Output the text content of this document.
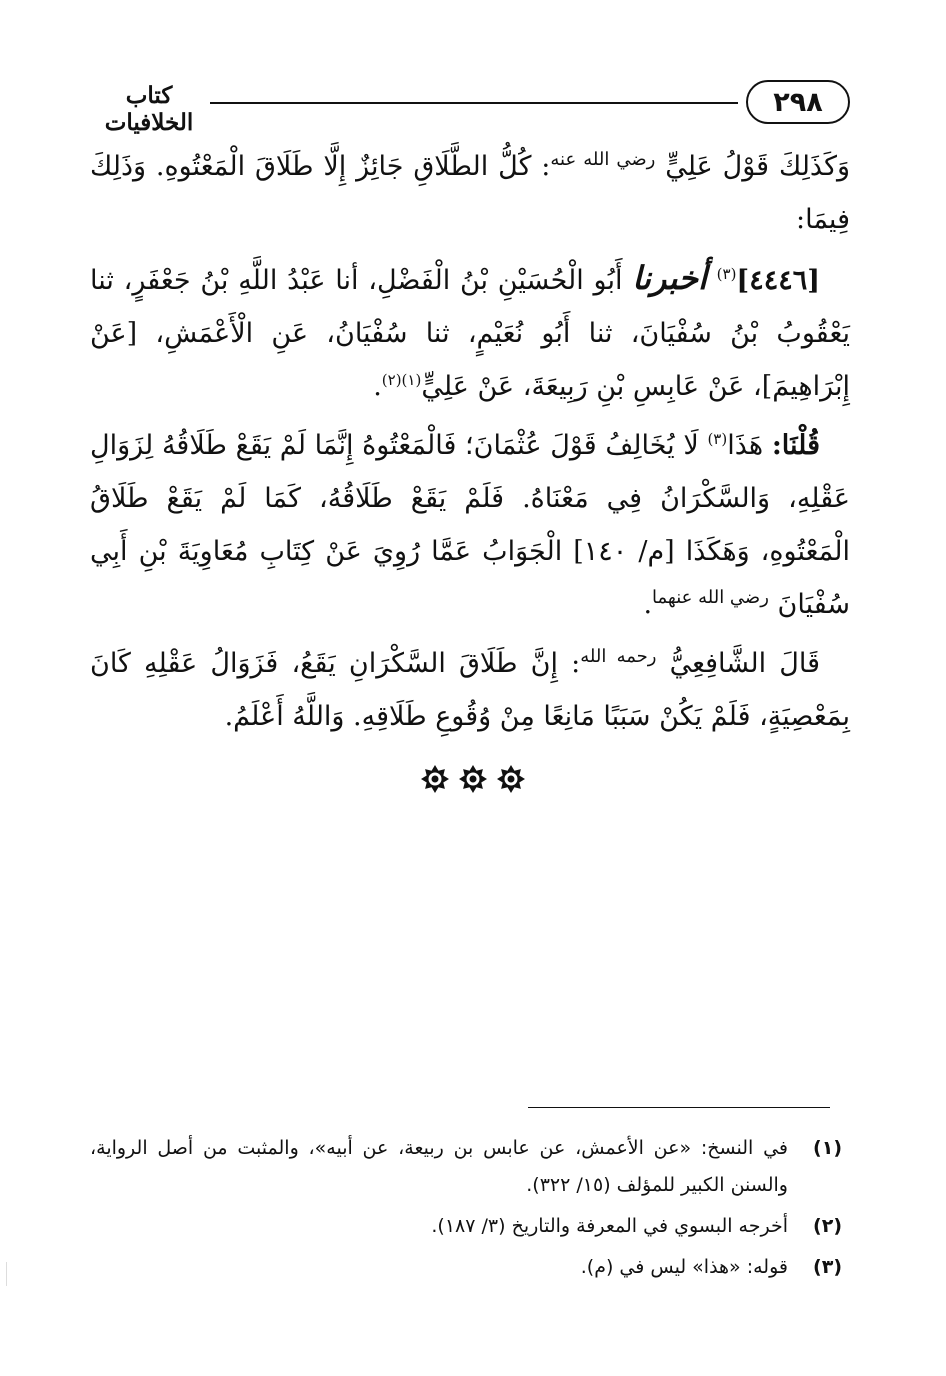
٢٩٨
كتاب الخلافيات

وَكَذَلِكَ قَوْلُ عَلِيٍّ $^{رضي الله عنه}$: كُلُّ الطَّلَاقِ جَائِزٌ إِلَّا طَلَاقَ الْمَعْتُوهِ. وَذَلِكَ فِيمَا:

[٤٤٤٦]$^{(٣)}$ أخبرنا أَبُو الْحُسَيْنِ بْنُ الْفَضْلِ، أنا عَبْدُ اللَّهِ بْنُ جَعْفَرٍ، ثنا يَعْقُوبُ بْنُ سُفْيَانَ، ثنا أَبُو نُعَيْمٍ، ثنا سُفْيَانُ، عَنِ الْأَعْمَشِ، [عَنْ إِبْرَاهِيمَ]، عَنْ عَابِسِ بْنِ رَبِيعَةَ، عَنْ عَلِيٍّ$^{(١)(٢)}$.

قُلْنَا: هَذَا$^{(٣)}$ لَا يُخَالِفُ قَوْلَ عُثْمَانَ؛ فَالْمَعْتُوهُ إِنَّمَا لَمْ يَقَعْ طَلَاقُهُ لِزَوَالِ عَقْلِهِ، وَالسَّكْرَانُ فِي مَعْنَاهُ. فَلَمْ يَقَعْ طَلَاقُهُ، كَمَا لَمْ يَقَعْ طَلَاقُ الْمَعْتُوهِ، وَهَكَذَا [م/ ١٤٠] الْجَوَابُ عَمَّا رُوِيَ عَنْ كِتَابِ مُعَاوِيَةَ بْنِ أَبِي سُفْيَانَ $^{رضي الله عنهما}$.

قَالَ الشَّافِعِيُّ $^{رحمه الله}$: إِنَّ طَلَاقَ السَّكْرَانِ يَقَعُ، فَزَوَالُ عَقْلِهِ كَانَ بِمَعْصِيَةٍ، فَلَمْ يَكُنْ سَبَبًا مَانِعًا مِنْ وُقُوعِ طَلَاقِهِ. وَاللَّهُ أَعْلَمُ.

(١)
في النسخ: «عن الأعمش، عن عابس بن ربيعة، عن أبيه»، والمثبت من أصل الرواية، والسنن الكبير للمؤلف (١٥/ ٣٢٢).
(٢)
أخرجه البسوي في المعرفة والتاريخ (٣/ ١٨٧).
(٣)
قوله: «هذا» ليس في (م).
